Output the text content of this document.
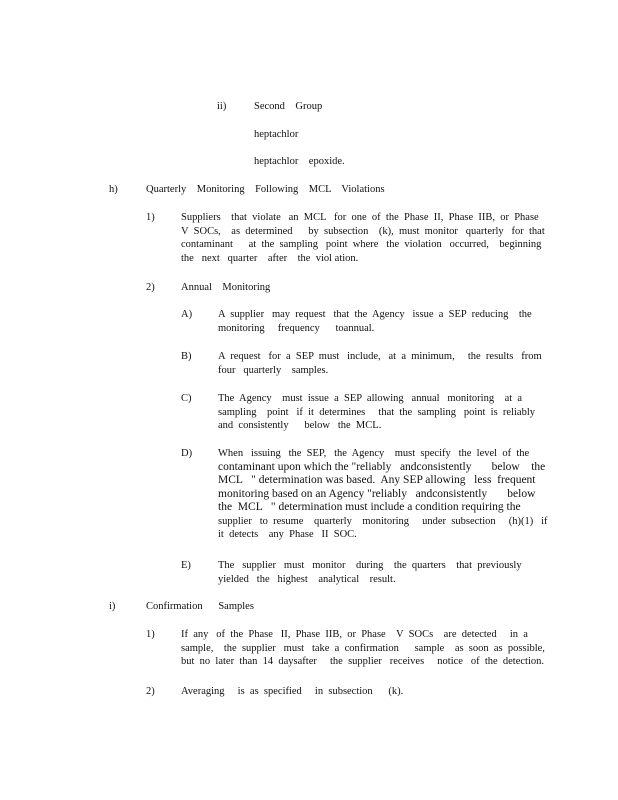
ii)	Second    Group
heptachlor
heptachlor    epoxide.
h)	Quarterly    Monitoring    Following    MCL    Violations
1)	Suppliers    that  violate   an  MCL   for  one  of  the  Phase  II,  Phase  IIB,  or  Phase
V  SOCs,    as  determined      by  subsection    (k),  must  monitor   quarterly   for  that
contaminant      at  the  sampling   point  where   the  violation   occurred,    beginning
the   next   quarter    after    the  viol ation.
2)	Annual    Monitoring
A) A  supplier   may  request   that  the  Agency   issue  a  SEP  reducing    the
monitoring     frequency      toannual.
B)	A  request   for  a  SEP  must   include,   at  a  minimum,     the  results   from
four   quarterly    samples.
C)	The  Agency    must  issue  a  SEP  allowing   annual   monitoring    at  a
sampling    point   if  it  determines     that  the  sampling   point  is  reliably
and  consistently      below   the  MCL.
D) When   issuing   the  SEP,   the  Agency    must  specify   the  level  of  the
contaminant upon which the "reliably   andconsistently       below    the
MCL   " determination was based.  Any SEP allowing   less  frequent
monitoring based on an Agency "reliably   andconsistently       below
the  MCL   " determination must include a condition requiring the
supplier   to  resume    quarterly    monitoring     under  subsection     (h)(1)   if
it  detects    any  Phase   II  SOC.
E)	The   supplier   must   monitor    during    the  quarters    that  previously
yielded   the   highest    analytical    result.
i)	Confirmation      Samples
1)	If  any   of  the  Phase   II,  Phase  IIB,  or  Phase    V  SOCs    are  detected     in  a
sample,    the  supplier   must   take  a  confirmation      sample    as  soon  as  possible,
but  no  later  than  14  daysafter     the  supplier   receives     notice   of  the  detection.
2)	Averaging     is  as  specified     in  subsection      (k).
